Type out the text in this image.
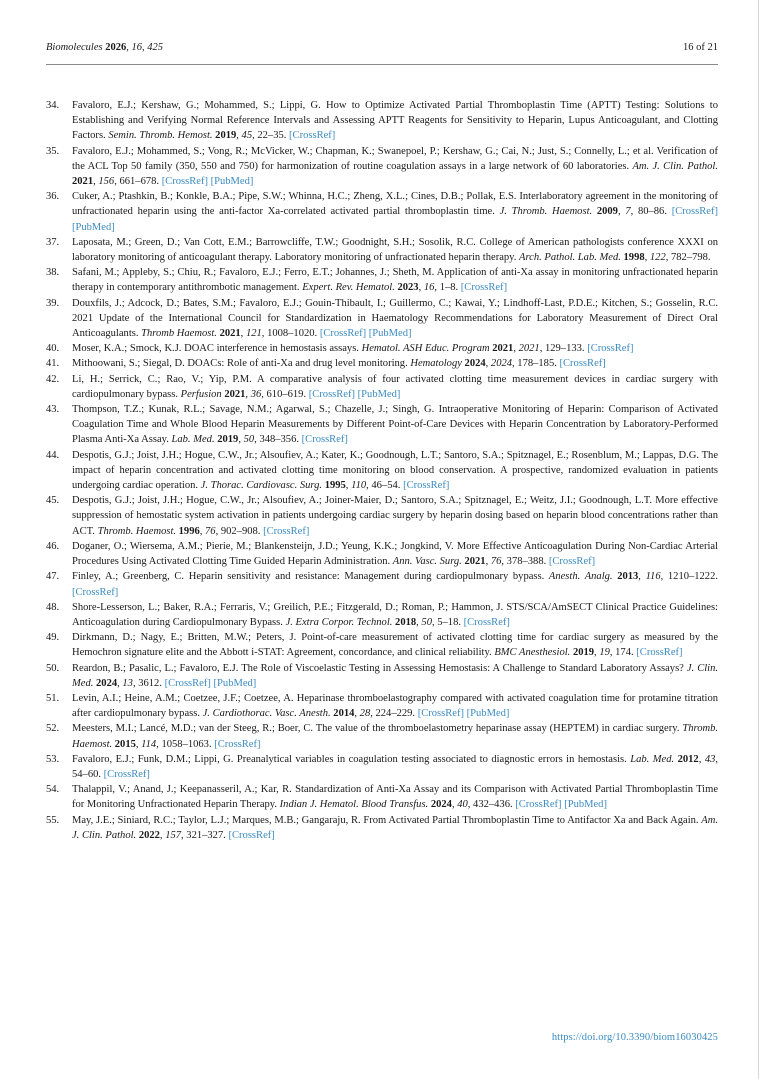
Biomolecules 2026, 16, 425	16 of 21
34. Favaloro, E.J.; Kershaw, G.; Mohammed, S.; Lippi, G. How to Optimize Activated Partial Thromboplastin Time (APTT) Testing: Solutions to Establishing and Verifying Normal Reference Intervals and Assessing APTT Reagents for Sensitivity to Heparin, Lupus Anticoagulant, and Clotting Factors. Semin. Thromb. Hemost. 2019, 45, 22–35. [CrossRef]
35. Favaloro, E.J.; Mohammed, S.; Vong, R.; McVicker, W.; Chapman, K.; Swanepoel, P.; Kershaw, G.; Cai, N.; Just, S.; Connelly, L.; et al. Verification of the ACL Top 50 family (350, 550 and 750) for harmonization of routine coagulation assays in a large network of 60 laboratories. Am. J. Clin. Pathol. 2021, 156, 661–678. [CrossRef] [PubMed]
36. Cuker, A.; Ptashkin, B.; Konkle, B.A.; Pipe, S.W.; Whinna, H.C.; Zheng, X.L.; Cines, D.B.; Pollak, E.S. Interlaboratory agreement in the monitoring of unfractionated heparin using the anti-factor Xa-correlated activated partial thromboplastin time. J. Thromb. Haemost. 2009, 7, 80–86. [CrossRef] [PubMed]
37. Laposata, M.; Green, D.; Van Cott, E.M.; Barrowcliffe, T.W.; Goodnight, S.H.; Sosolik, R.C. College of American pathologists conference XXXI on laboratory monitoring of anticoagulant therapy. Laboratory monitoring of unfractionated heparin therapy. Arch. Pathol. Lab. Med. 1998, 122, 782–798.
38. Safani, M.; Appleby, S.; Chiu, R.; Favaloro, E.J.; Ferro, E.T.; Johannes, J.; Sheth, M. Application of anti-Xa assay in monitoring unfractionated heparin therapy in contemporary antithrombotic management. Expert. Rev. Hematol. 2023, 16, 1–8. [CrossRef]
39. Douxfils, J.; Adcock, D.; Bates, S.M.; Favaloro, E.J.; Gouin-Thibault, I.; Guillermo, C.; Kawai, Y.; Lindhoff-Last, P.D.E.; Kitchen, S.; Gosselin, R.C. 2021 Update of the International Council for Standardization in Haematology Recommendations for Laboratory Measurement of Direct Oral Anticoagulants. Thromb Haemost. 2021, 121, 1008–1020. [CrossRef] [PubMed]
40. Moser, K.A.; Smock, K.J. DOAC interference in hemostasis assays. Hematol. ASH Educ. Program 2021, 2021, 129–133. [CrossRef]
41. Mithoowani, S.; Siegal, D. DOACs: Role of anti-Xa and drug level monitoring. Hematology 2024, 2024, 178–185. [CrossRef]
42. Li, H.; Serrick, C.; Rao, V.; Yip, P.M. A comparative analysis of four activated clotting time measurement devices in cardiac surgery with cardiopulmonary bypass. Perfusion 2021, 36, 610–619. [CrossRef] [PubMed]
43. Thompson, T.Z.; Kunak, R.L.; Savage, N.M.; Agarwal, S.; Chazelle, J.; Singh, G. Intraoperative Monitoring of Heparin: Comparison of Activated Coagulation Time and Whole Blood Heparin Measurements by Different Point-of-Care Devices with Heparin Concentration by Laboratory-Performed Plasma Anti-Xa Assay. Lab. Med. 2019, 50, 348–356. [CrossRef]
44. Despotis, G.J.; Joist, J.H.; Hogue, C.W., Jr.; Alsoufiev, A.; Kater, K.; Goodnough, L.T.; Santoro, S.A.; Spitznagel, E.; Rosenblum, M.; Lappas, D.G. The impact of heparin concentration and activated clotting time monitoring on blood conservation. A prospective, randomized evaluation in patients undergoing cardiac operation. J. Thorac. Cardiovasc. Surg. 1995, 110, 46–54. [CrossRef]
45. Despotis, G.J.; Joist, J.H.; Hogue, C.W., Jr.; Alsoufiev, A.; Joiner-Maier, D.; Santoro, S.A.; Spitznagel, E.; Weitz, J.I.; Goodnough, L.T. More effective suppression of hemostatic system activation in patients undergoing cardiac surgery by heparin dosing based on heparin blood concentrations rather than ACT. Thromb. Haemost. 1996, 76, 902–908. [CrossRef]
46. Doganer, O.; Wiersema, A.M.; Pierie, M.; Blankensteijn, J.D.; Yeung, K.K.; Jongkind, V. More Effective Anticoagulation During Non-Cardiac Arterial Procedures Using Activated Clotting Time Guided Heparin Administration. Ann. Vasc. Surg. 2021, 76, 378–388. [CrossRef]
47. Finley, A.; Greenberg, C. Heparin sensitivity and resistance: Management during cardiopulmonary bypass. Anesth. Analg. 2013, 116, 1210–1222. [CrossRef]
48. Shore-Lesserson, L.; Baker, R.A.; Ferraris, V.; Greilich, P.E.; Fitzgerald, D.; Roman, P.; Hammon, J. STS/SCA/AmSECT Clinical Practice Guidelines: Anticoagulation during Cardiopulmonary Bypass. J. Extra Corpor. Technol. 2018, 50, 5–18. [CrossRef]
49. Dirkmann, D.; Nagy, E.; Britten, M.W.; Peters, J. Point-of-care measurement of activated clotting time for cardiac surgery as measured by the Hemochron signature elite and the Abbott i-STAT: Agreement, concordance, and clinical reliability. BMC Anesthesiol. 2019, 19, 174. [CrossRef]
50. Reardon, B.; Pasalic, L.; Favaloro, E.J. The Role of Viscoelastic Testing in Assessing Hemostasis: A Challenge to Standard Laboratory Assays? J. Clin. Med. 2024, 13, 3612. [CrossRef] [PubMed]
51. Levin, A.I.; Heine, A.M.; Coetzee, J.F.; Coetzee, A. Heparinase thromboelastography compared with activated coagulation time for protamine titration after cardiopulmonary bypass. J. Cardiothorac. Vasc. Anesth. 2014, 28, 224–229. [CrossRef] [PubMed]
52. Meesters, M.I.; Lancé, M.D.; van der Steeg, R.; Boer, C. The value of the thromboelastometry heparinase assay (HEPTEM) in cardiac surgery. Thromb. Haemost. 2015, 114, 1058–1063. [CrossRef]
53. Favaloro, E.J.; Funk, D.M.; Lippi, G. Preanalytical variables in coagulation testing associated to diagnostic errors in hemostasis. Lab. Med. 2012, 43, 54–60. [CrossRef]
54. Thalappil, V.; Anand, J.; Keepanasseril, A.; Kar, R. Standardization of Anti-Xa Assay and its Comparison with Activated Partial Thromboplastin Time for Monitoring Unfractionated Heparin Therapy. Indian J. Hematol. Blood Transfus. 2024, 40, 432–436. [CrossRef] [PubMed]
55. May, J.E.; Siniard, R.C.; Taylor, L.J.; Marques, M.B.; Gangaraju, R. From Activated Partial Thromboplastin Time to Antifactor Xa and Back Again. Am. J. Clin. Pathol. 2022, 157, 321–327. [CrossRef]
https://doi.org/10.3390/biom16030425
